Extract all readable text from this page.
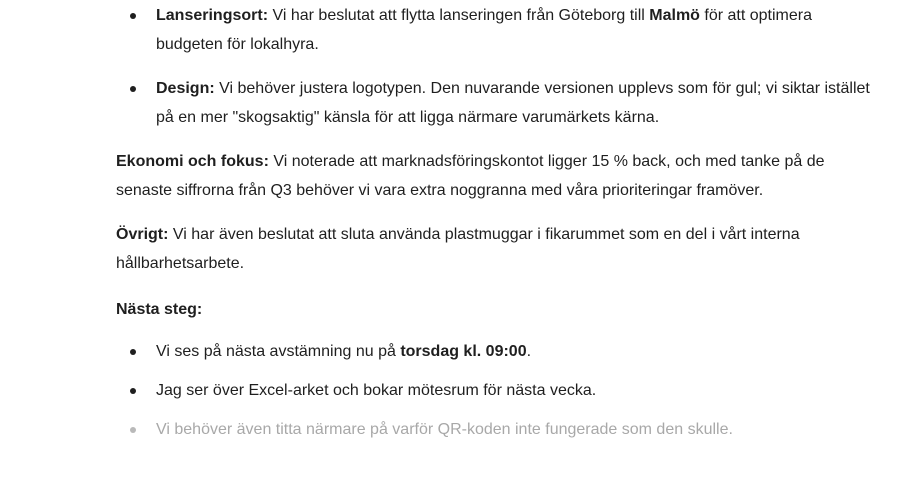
Lanseringsort: Vi har beslutat att flytta lanseringen från Göteborg till Malmö för att optimera budgeten för lokalhyra.
Design: Vi behöver justera logotypen. Den nuvarande versionen upplevs som för gul; vi siktar istället på en mer "skogsaktig" känsla för att ligga närmare varumärkets kärna.

Ekonomi och fokus: Vi noterade att marknadsföringskontot ligger 15 % back, och med tanke på de senaste siffrorna från Q3 behöver vi vara extra noggranna med våra prioriteringar framöver.

Övrigt: Vi har även beslutat att sluta använda plastmuggar i fikarummet som en del i vårt interna hållbarhetsarbete.

Nästa steg:

Vi ses på nästa avstämning nu på torsdag kl. 09:00.
Jag ser över Excel-arket och bokar mötesrum för nästa vecka.
Vi behöver även titta närmare på varför QR-koden inte fungerade som den skulle.
